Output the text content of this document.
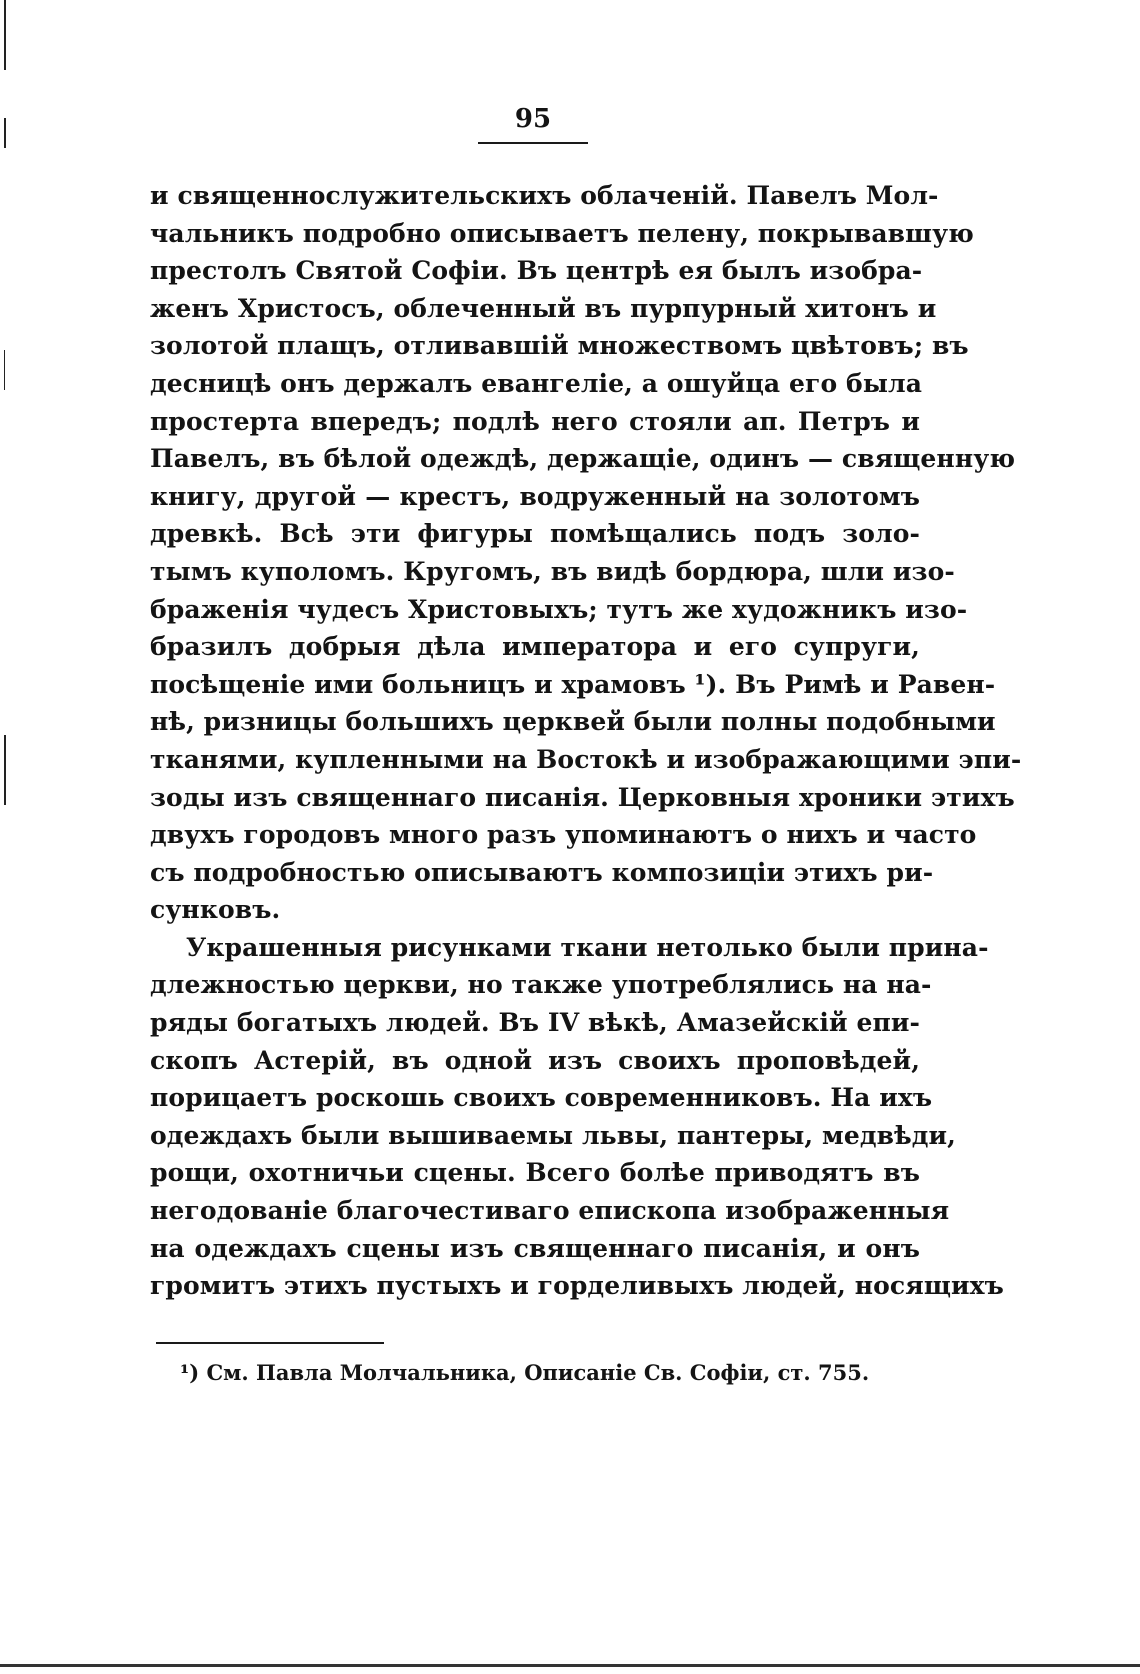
95
и священнослужительскихъ облаченій. Павелъ Мол-
чальникъ подробно описываетъ пелену, покрывавшую
престолъ Святой Софіи. Въ центрѣ ея былъ изобра-
женъ Христосъ, облеченный въ пурпурный хитонъ и
золотой плащъ, отливавшій множествомъ цвѣтовъ; въ
десницѣ онъ держалъ евангеліе, а ошуйца его была
простерта впередъ; подлѣ него стояли ап. Петръ и
Павелъ, въ бѣлой одеждѣ, держащіе, одинъ — священную
книгу, другой — крестъ, водруженный на золотомъ
древкѣ. Всѣ эти фигуры помѣщались подъ золо-
тымъ куполомъ. Кругомъ, въ видѣ бордюра, шли изо-
браженія чудесъ Христовыхъ; тутъ же художникъ изо-
бразилъ добрыя дѣла императора и его супруги,
посѣщеніе ими больницъ и храмовъ ¹). Въ Римѣ и Равен-
нѣ, ризницы большихъ церквей были полны подобными
тканями, купленными на Востокѣ и изображающими эпи-
зоды изъ священнаго писанія. Церковныя хроники этихъ
двухъ городовъ много разъ упоминаютъ о нихъ и часто
съ подробностью описываютъ композиціи этихъ ри-
сунковъ.
Украшенныя рисунками ткани нетолько были прина-
длежностью церкви, но также употреблялись на на-
ряды богатыхъ людей. Въ IV вѣкѣ, Амазейскій епи-
скопъ Астерій, въ одной изъ своихъ проповѣдей,
порицаетъ роскошь своихъ современниковъ. На ихъ
одеждахъ были вышиваемы львы, пантеры, медвѣди,
рощи, охотничьи сцены. Всего болѣе приводятъ въ
негодованіе благочестиваго епископа изображенныя
на одеждахъ сцены изъ священнаго писанія, и онъ
громитъ этихъ пустыхъ и горделивыхъ людей, носящихъ
¹) См. Павла Молчальника, Описаніе Св. Софіи, ст. 755.
